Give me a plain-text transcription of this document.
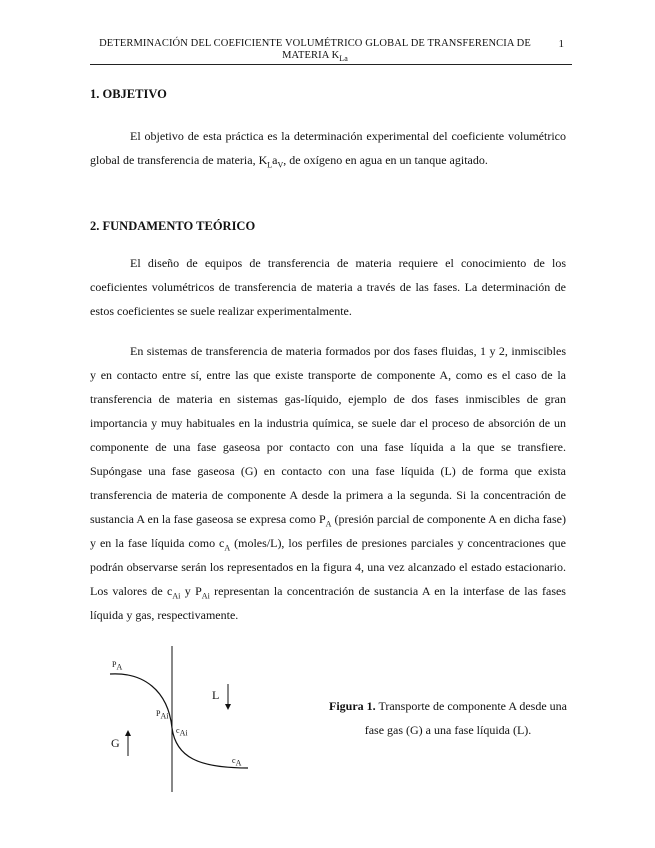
DETERMINACIÓN DEL COEFICIENTE VOLUMÉTRICO GLOBAL DE TRANSFERENCIA DE MATERIA $K_{La}$
1
1. OBJETIVO

El objetivo de esta práctica es la determinación experimental del coeficiente volumétrico global de transferencia de materia, $K_La_V$, de oxígeno en agua en un tanque agitado.

2. FUNDAMENTO TEÓRICO

El diseño de equipos de transferencia de materia requiere el conocimiento de los coeficientes volumétricos de transferencia de materia a través de las fases. La determinación de estos coeficientes se suele realizar experimentalmente.

En sistemas de transferencia de materia formados por dos fases fluidas, 1 y 2, inmiscibles y en contacto entre sí, entre las que existe transporte de componente A, como es el caso de la transferencia de materia en sistemas gas-líquido, ejemplo de dos fases inmiscibles de gran importancia y muy habituales en la industria química, se suele dar el proceso de absorción de un componente de una fase gaseosa por contacto con una fase líquida a la que se transfiere. Supóngase una fase gaseosa (G) en contacto con una fase líquida (L) de forma que exista transferencia de materia de componente A desde la primera a la segunda. Si la concentración de sustancia A en la fase gaseosa se expresa como $P_A$ (presión parcial de componente A en dicha fase) y en la fase líquida como $c_A$ (moles/L), los perfiles de presiones parciales y concentraciones que podrán observarse serán los representados en la figura 4, una vez alcanzado el estado estacionario. Los valores de $c_{Ai}$ y $P_{Ai}$ representan la concentración de sustancia A en la interfase de las fases líquida y gas, respectivamente.

$P_A$
$P_{Ai}$
$c_{Ai}$
$c_A$
L
G
Figura 1. Transporte de componente A desde una fase gas (G) a una fase líquida (L).
